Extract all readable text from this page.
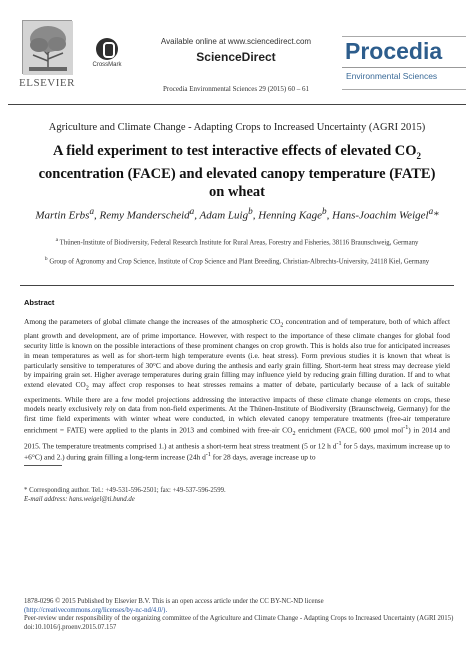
ELSEVIER
CrossMark
Available online at www.sciencedirect.com
ScienceDirect
Procedia Environmental Sciences 29 (2015) 60 – 61
Procedia
Environmental Sciences
Agriculture and Climate Change - Adapting Crops to Increased Uncertainty (AGRI 2015)
A field experiment to test interactive effects of elevated $CO_2$ concentration (FACE) and elevated canopy temperature (FATE) on wheat
Martin Erbs$^a$, Remy Manderscheid$^a$, Adam Luig$^b$, Henning Kage$^b$, Hans-Joachim Weigel$^a$*
$^a$ Thünen-Institute of Biodiversity, Federal Research Institute for Rural Areas, Forestry and Fisheries, 38116 Braunschweig, Germany
$^b$ Group of Agronomy and Crop Science, Institute of Crop Science and Plant Breeding, Christian-Albrechts-University, 24118 Kiel, Germany
Abstract
Among the parameters of global climate change the increases of the atmospheric $CO_2$ concentration and of temperature, both of which affect plant growth and development, are of prime importance. However, with respect to the importance of these climate changes for global food security little is known on the possible interactions of these prominent changes on crop growth. This is holds also true for anticipated increases in mean temperatures as well as for short-term high temperature events (i.e. heat stress). Form previous studies it is known that wheat is particularly sensitive to temperatures of 30°C and above during the anthesis and early grain filling. Short-term heat stress may decrease yield by impairing grain set. Higher average temperatures during grain filling may influence yield by reducing grain filling duration. If and to what extend elevated $CO_2$ may affect crop responses to heat stresses remains a matter of debate, particularly because of a lack of suitable experiments. While there are a few model projections addressing the interactive impacts of these climate change elements on crops, these models nearly exclusively rely on data from non-field experiments. At the Thünen-Institute of Biodiversity (Braunschweig, Germany) for the first time field experiments with winter wheat were conducted, in which elevated canopy temperature treatments (free-air temperature enrichment = FATE) were applied to the plants in 2013 and combined with free-air $CO_2$ enrichment (FACE, 600 µmol mol$^{-1}$) in 2014 and 2015. The temperature treatments comprised 1.) at anthesis a short-term heat stress treatment (5 or 12 h $d^{-1}$ for 5 days, maximum increase up to +6°C) and 2.) during grain filling a long-term increase (24h $d^{-1}$ for 28 days, average increase up to
* Corresponding author. Tel.: +49-531-596-2501; fax: +49-537-596-2599.
E-mail address: hans.weigel@ti.bund.de
1878-0296 © 2015 Published by Elsevier B.V. This is an open access article under the CC BY-NC-ND license
(http://creativecommons.org/licenses/by-nc-nd/4.0/).
Peer-review under responsibility of the organizing committee of the Agriculture and Climate Change - Adapting Crops to Increased Uncertainty (AGRI 2015)
doi:10.1016/j.proenv.2015.07.157
